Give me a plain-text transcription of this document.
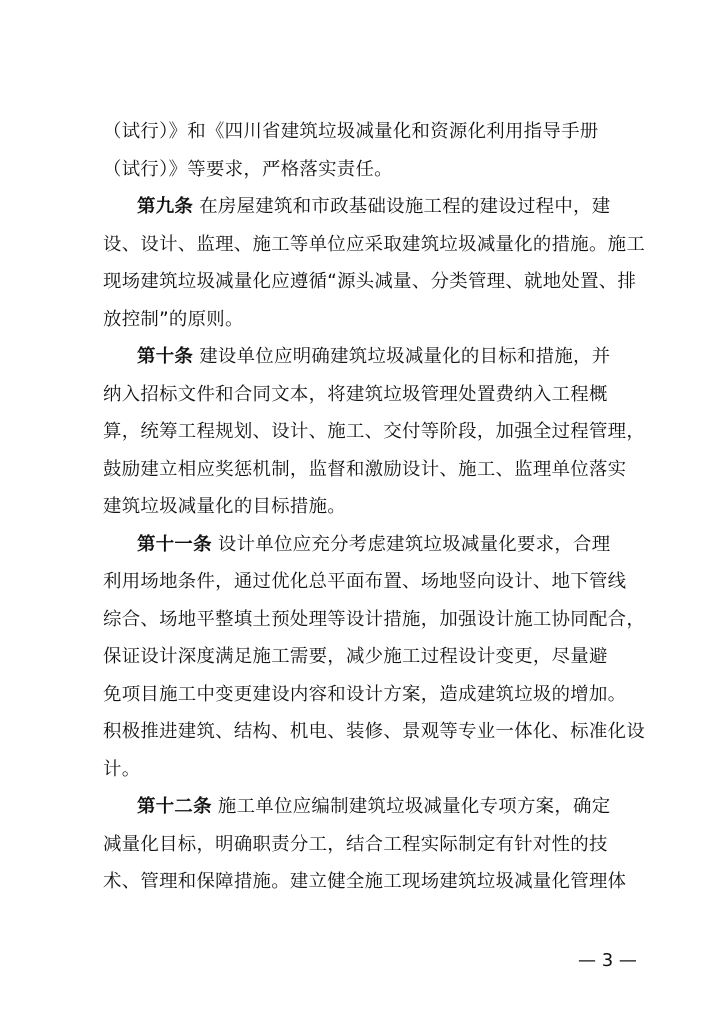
（试行）》和《四川省建筑垃圾减量化和资源化利用指导手册
（试行）》等要求，严格落实责任。
第九条 在房屋建筑和市政基础设施工程的建设过程中，建
设、设计、监理、施工等单位应采取建筑垃圾减量化的措施。施工
现场建筑垃圾减量化应遵循“源头减量、分类管理、就地处置、排
放控制”的原则。
第十条 建设单位应明确建筑垃圾减量化的目标和措施，并
纳入招标文件和合同文本，将建筑垃圾管理处置费纳入工程概
算，统筹工程规划、设计、施工、交付等阶段，加强全过程管理，
鼓励建立相应奖惩机制，监督和激励设计、施工、监理单位落实
建筑垃圾减量化的目标措施。
第十一条 设计单位应充分考虑建筑垃圾减量化要求，合理
利用场地条件，通过优化总平面布置、场地竖向设计、地下管线
综合、场地平整填土预处理等设计措施，加强设计施工协同配合，
保证设计深度满足施工需要，减少施工过程设计变更，尽量避
免项目施工中变更建设内容和设计方案，造成建筑垃圾的增加。
积极推进建筑、结构、机电、装修、景观等专业一体化、标准化设
计。
第十二条 施工单位应编制建筑垃圾减量化专项方案，确定
减量化目标，明确职责分工，结合工程实际制定有针对性的技
术、管理和保障措施。建立健全施工现场建筑垃圾减量化管理体
— 3 —
